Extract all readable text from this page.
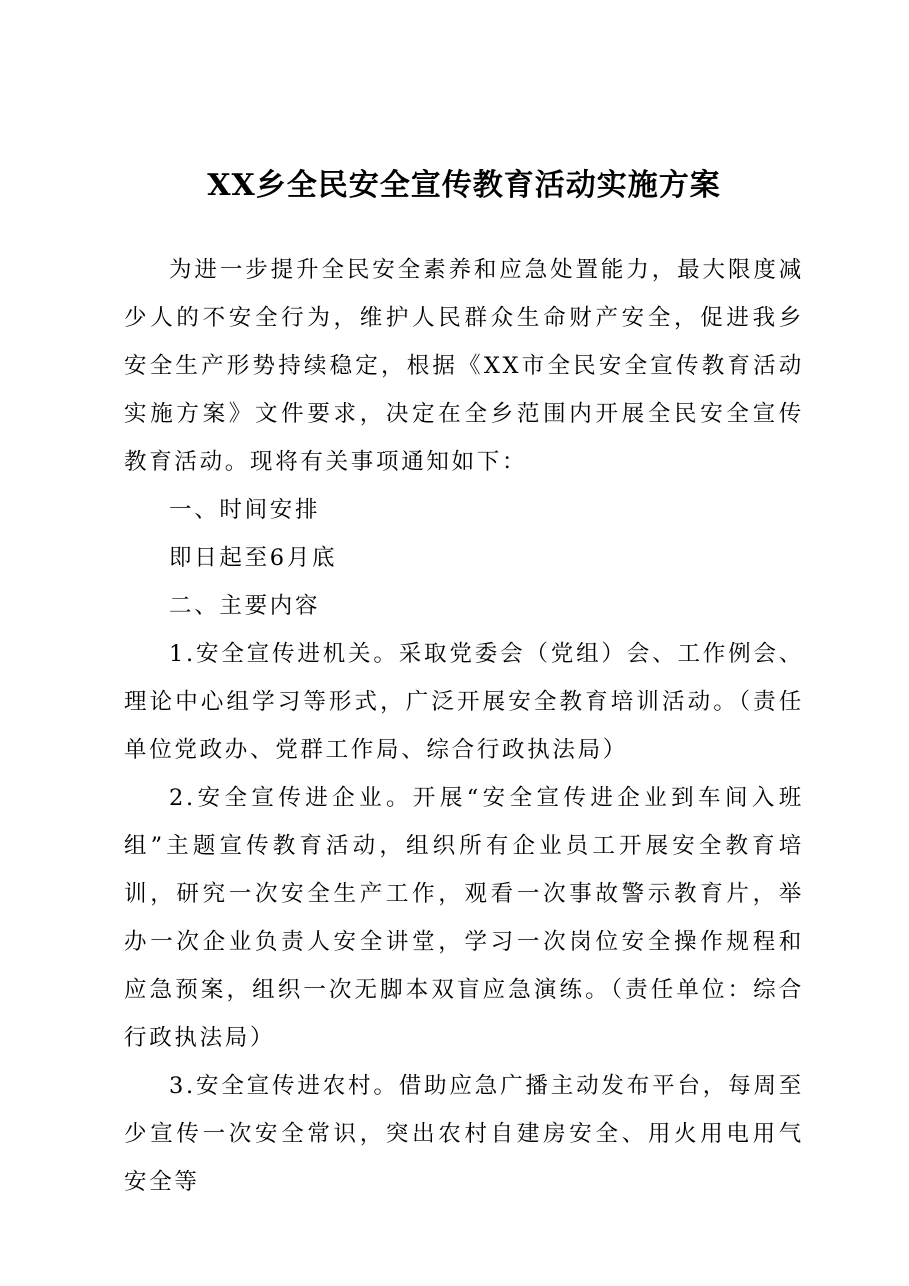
XX乡全民安全宣传教育活动实施方案

为进一步提升全民安全素养和应急处置能力，最大限度减少人的不安全行为，维护人民群众生命财产安全，促进我乡安全生产形势持续稳定，根据《XX市全民安全宣传教育活动实施方案》文件要求，决定在全乡范围内开展全民安全宣传教育活动。现将有关事项通知如下：

一、时间安排

即日起至6月底

二、主要内容

1.安全宣传进机关。采取党委会（党组）会、工作例会、理论中心组学习等形式，广泛开展安全教育培训活动。（责任单位党政办、党群工作局、综合行政执法局）

2.安全宣传进企业。开展“安全宣传进企业到车间入班组”主题宣传教育活动，组织所有企业员工开展安全教育培训，研究一次安全生产工作，观看一次事故警示教育片，举办一次企业负责人安全讲堂，学习一次岗位安全操作规程和应急预案，组织一次无脚本双盲应急演练。（责任单位：综合行政执法局）

3.安全宣传进农村。借助应急广播主动发布平台，每周至少宣传一次安全常识，突出农村自建房安全、用火用电用气安全等
